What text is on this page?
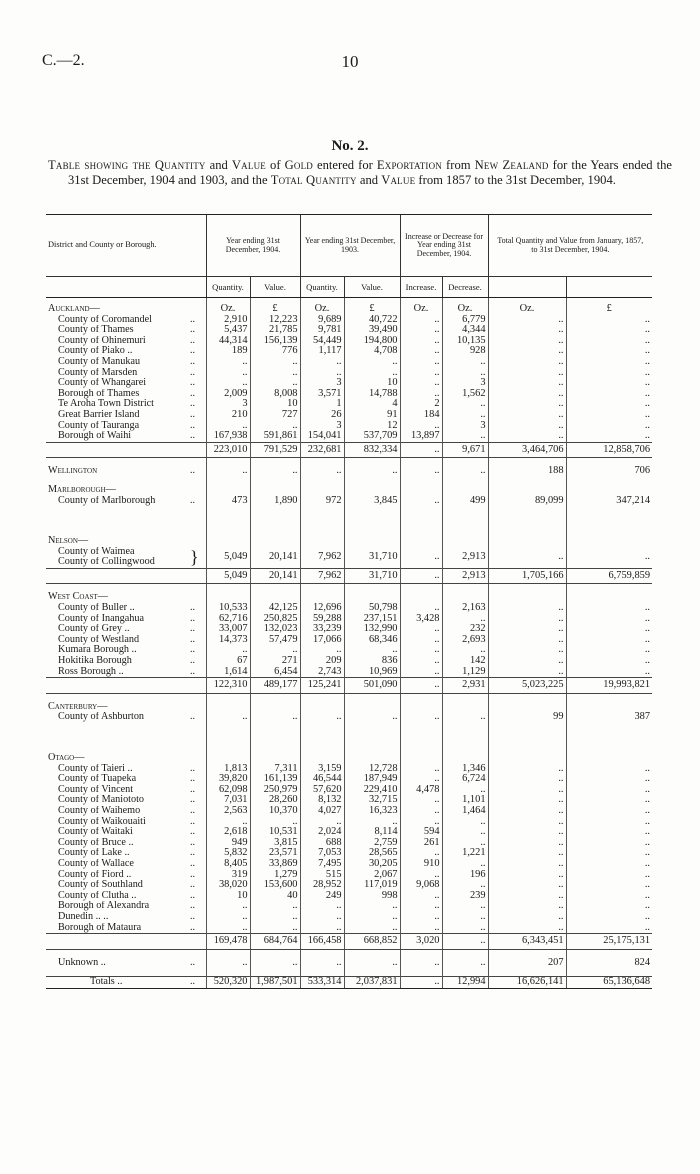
C.—2.	10
No. 2.
Table showing the Quantity and Value of Gold entered for Exportation from New Zealand for the Years ended the 31st December, 1904 and 1903, and the Total Quantity and Value from 1857 to the 31st December, 1904.
District and County or Borough.		Year ending 31st December, 1904.		Year ending 31st December, 1903.		Increase or Decrease for Year ending 31st December, 1904.		Total Quantity and Value from January, 1857, to 31st December, 1904.	
		Quantity.	Value.	Quantity.	Value.	Increase.	Decrease.		
Auckland—		Oz.	£	Oz.	£	Oz.	Oz.	Oz.	£
County of Coromandel	..	2,910	12,223	9,689	40,722	..	6,779	..	..
County of Thames	..	5,437	21,785	9,781	39,490	..	4,344	..	..
County of Ohinemuri	..	44,314	156,139	54,449	194,800	..	10,135	..	..
County of Piako ..	..	189	776	1,117	4,708	..	928	..	..
County of Manukau	..	..	..	..	..	..	..	..	..
County of Marsden	..	..	..	..	..	..	..	..	..
County of Whangarei	..	..	..	3	10	..	3	..	..
Borough of Thames	..	2,009	8,008	3,571	14,788	..	1,562	..	..
Te Aroha Town District	..	3	10	1	4	2	..	..	..
Great Barrier Island	..	210	727	26	91	184	..	..	..
County of Tauranga	..	..	..	3	12	..	3	..	..
Borough of Waihi	..	167,938	591,861	154,041	537,709	13,897	..	..	..
		223,010	791,529	232,681	832,334	..	9,671	3,464,706	12,858,706

Wellington	..	..	..	..	..	..	..	188	706

Marlborough—									
County of Marlborough	..	473	1,890	972	3,845	..	499	89,099	347,214

Nelson—									
County of Waimea	}	5,049	20,141	7,962	31,710	..	2,913	..	..
County of Collingwood									
		5,049	20,141	7,962	31,710	..	2,913	1,705,166	6,759,859

West Coast—									
County of Buller ..	..	10,533	42,125	12,696	50,798	..	2,163	..	..
County of Inangahua	..	62,716	250,825	59,288	237,151	3,428	..	..	..
County of Grey ..	..	33,007	132,023	33,239	132,990	..	232	..	..
County of Westland	..	14,373	57,479	17,066	68,346	..	2,693	..	..
Kumara Borough ..	..	..	..	..	..	..	..	..	..
Hokitika Borough	..	67	271	209	836	..	142	..	..
Ross Borough ..	..	1,614	6,454	2,743	10,969	..	1,129	..	..
		122,310	489,177	125,241	501,090	..	2,931	5,023,225	19,993,821

Canterbury—									
County of Ashburton	..	..	..	..	..	..	..	99	387

Otago—									
County of Taieri ..	..	1,813	7,311	3,159	12,728	..	1,346	..	..
County of Tuapeka	..	39,820	161,139	46,544	187,949	..	6,724	..	..
County of Vincent	..	62,098	250,979	57,620	229,410	4,478	..	..	..
County of Maniototo	..	7,031	28,260	8,132	32,715	..	1,101	..	..
County of Waihemo	..	2,563	10,370	4,027	16,323	..	1,464	..	..
County of Waikouaiti	..	..	..	..	..	..	..	..	..
County of Waitaki	..	2,618	10,531	2,024	8,114	594	..	..	..
County of Bruce ..	..	949	3,815	688	2,759	261	..	..	..
County of Lake ..	..	5,832	23,571	7,053	28,565	..	1,221	..	..
County of Wallace	..	8,405	33,869	7,495	30,205	910	..	..	..
County of Fiord ..	..	319	1,279	515	2,067	..	196	..	..
County of Southland	..	38,020	153,600	28,952	117,019	9,068	..	..	..
County of Clutha ..	..	10	40	249	998	..	239	..	..
Borough of Alexandra	..	..	..	..	..	..	..	..	..
Dunedin .. ..	..	..	..	..	..	..	..	..	..
Borough of Mataura	..	..	..	..	..	..	..	..	..
		169,478	684,764	166,458	668,852	3,020	..	6,343,451	25,175,131

Unknown ..	..	..	..	..	..	..	..	207	824

Totals ..	..	520,320	1,987,501	533,314	2,037,831	..	12,994	16,626,141	65,136,648
